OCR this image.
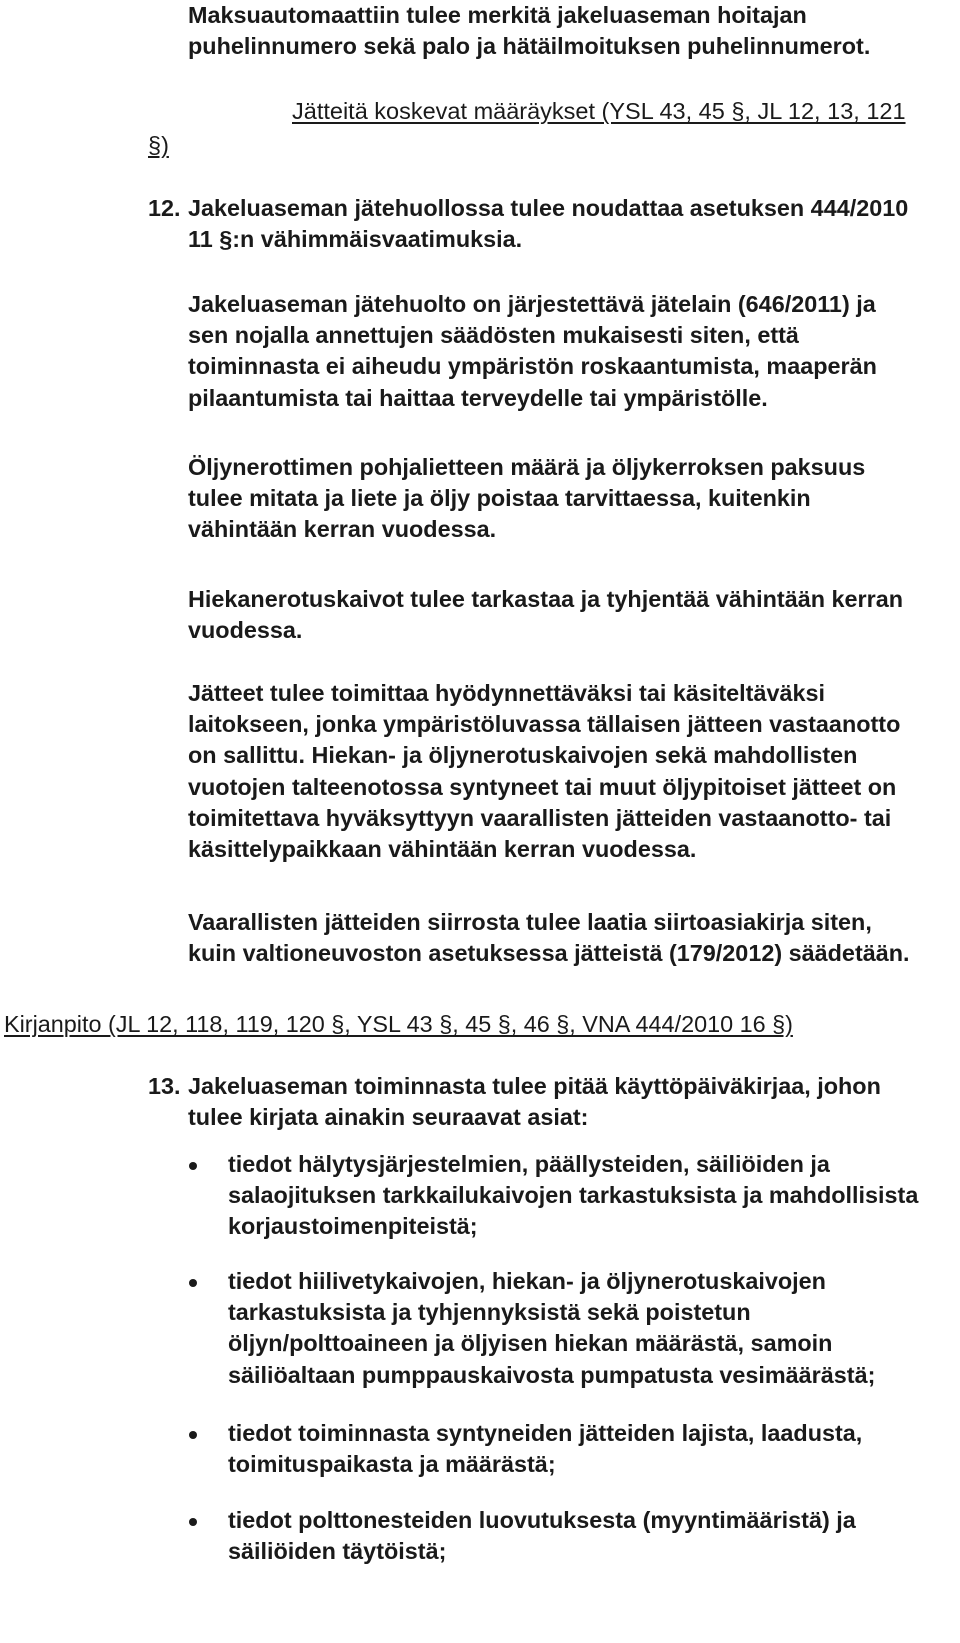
Maksuautomaattiin tulee merkitä jakeluaseman hoitajan
puhelinnumero sekä palo ja hätäilmoituksen puhelinnumerot.
Jätteitä koskevat määräykset (YSL 43, 45 §, JL 12, 13, 121
§)
12. Jakeluaseman jätehuollossa tulee noudattaa asetuksen 444/2010
11 §:n vähimmäisvaatimuksia.
Jakeluaseman jätehuolto on järjestettävä jätelain (646/2011) ja
sen nojalla annettujen säädösten mukaisesti siten, että
toiminnasta ei aiheudu ympäristön roskaantumista, maaperän
pilaantumista tai haittaa terveydelle tai ympäristölle.
Öljynerottimen pohjalietteen määrä ja öljykerroksen paksuus
tulee mitata ja liete ja öljy poistaa tarvittaessa, kuitenkin
vähintään kerran vuodessa.
Hiekanerotuskaivot tulee tarkastaa ja tyhjentää vähintään kerran
vuodessa.
Jätteet tulee toimittaa hyödynnettäväksi tai käsiteltäväksi
laitokseen, jonka ympäristöluvassa tällaisen jätteen vastaanotto
on sallittu. Hiekan- ja öljynerotuskaivojen sekä mahdollisten
vuotojen talteenotossa syntyneet tai muut öljypitoiset jätteet on
toimitettava hyväksyttyyn vaarallisten jätteiden vastaanotto- tai
käsittelypaikkaan vähintään kerran vuodessa.
Vaarallisten jätteiden siirrosta tulee laatia siirtoasiakirja siten,
kuin valtioneuvoston asetuksessa jätteistä (179/2012) säädetään.
Kirjanpito (JL 12, 118, 119, 120 §, YSL 43 §, 45 §, 46 §, VNA 444/2010 16 §)
13. Jakeluaseman toiminnasta tulee pitää käyttöpäiväkirjaa, johon
tulee kirjata ainakin seuraavat asiat:
tiedot hälytysjärjestelmien, päällysteiden, säiliöiden ja
salaojituksen tarkkailukaivojen tarkastuksista ja mahdollisista
korjaustoimenpiteistä;
tiedot hiilivetykaivojen, hiekan- ja öljynerotuskaivojen
tarkastuksista ja tyhjennyksistä sekä poistetun
öljyn/polttoaineen ja öljyisen hiekan määrästä, samoin
säiliöaltaan pumppauskaivosta pumpatusta vesimäärästä;
tiedot toiminnasta syntyneiden jätteiden lajista, laadusta,
toimituspaikasta ja määrästä;
tiedot polttonesteiden luovutuksesta (myyntimääristä) ja
säiliöiden täytöistä;
